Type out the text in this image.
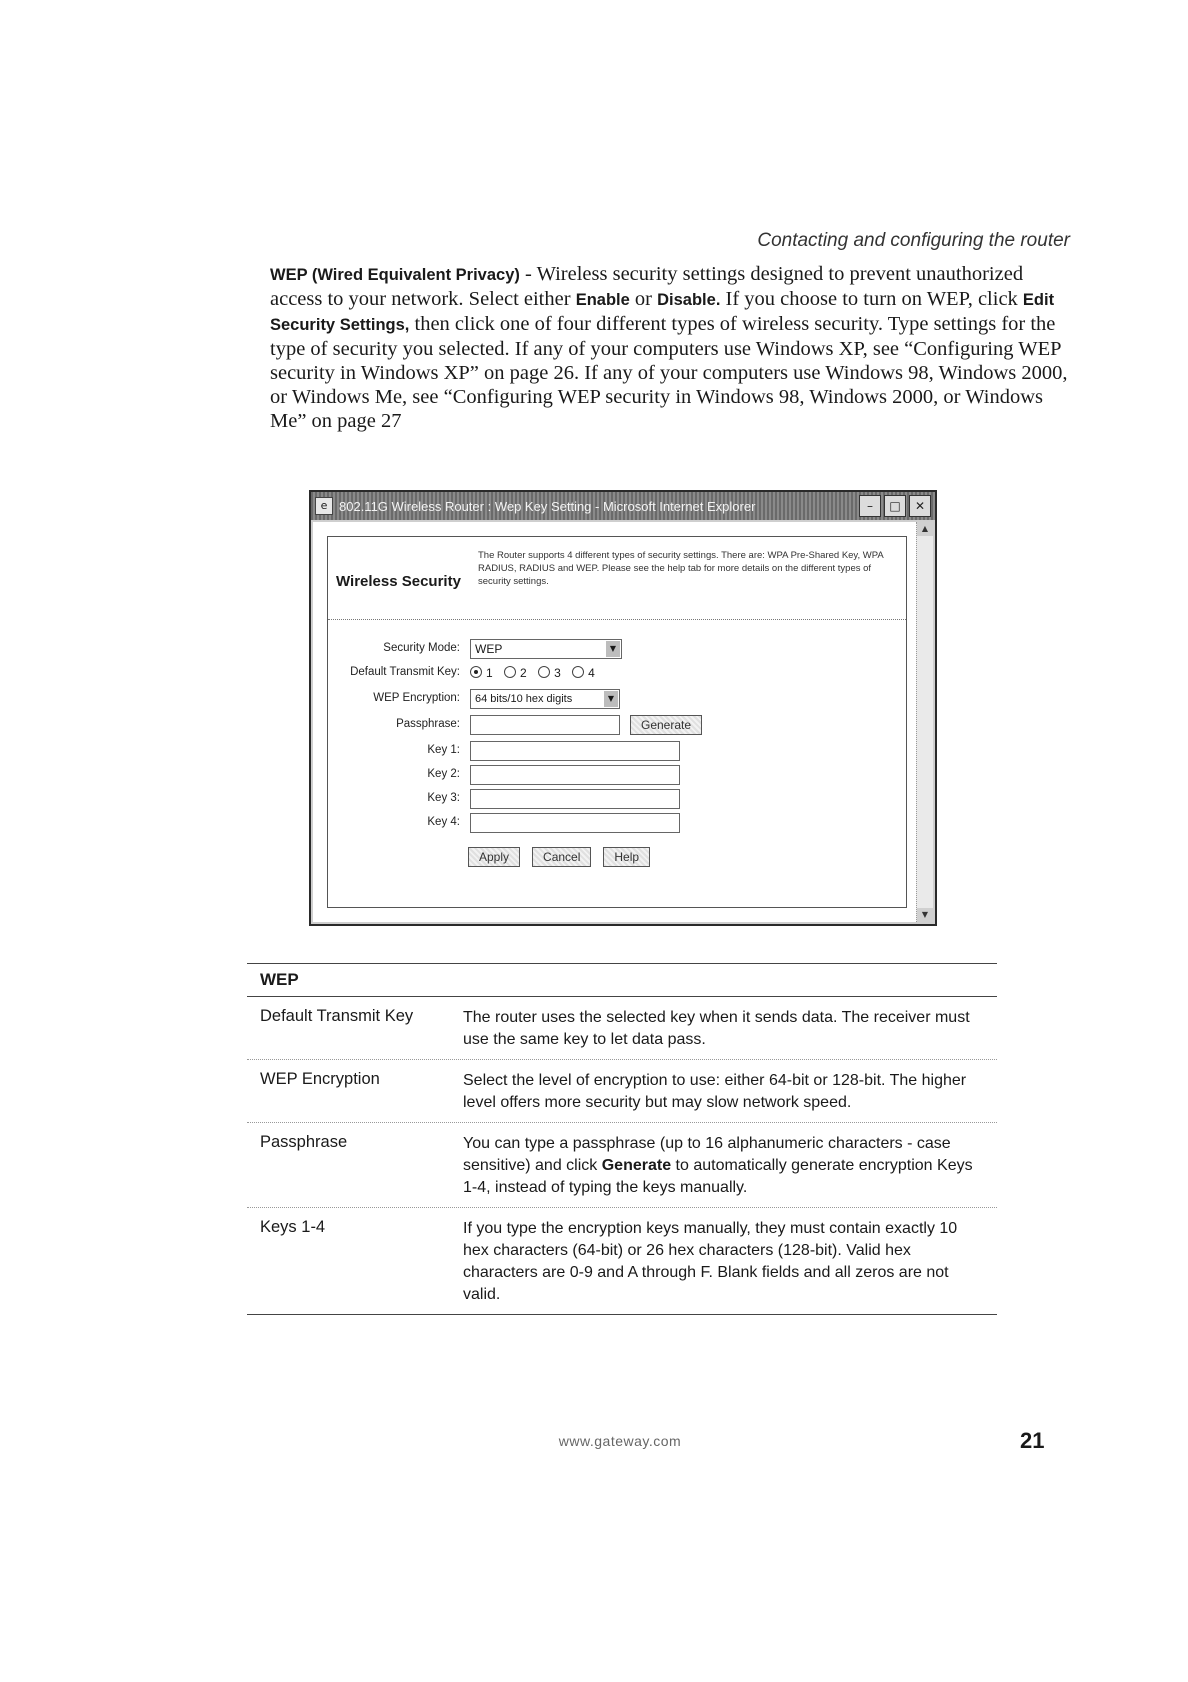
Contacting and configuring the router

WEP (Wired Equivalent Privacy) - Wireless security settings designed to prevent unauthorized access to your network. Select either Enable or Disable. If you choose to turn on WEP, click Edit Security Settings, then click one of four different types of wireless security. Type settings for the type of security you selected. If any of your computers use Windows XP, see “Configuring WEP security in Windows XP” on page 26. If any of your computers use Windows 98, Windows 2000, or Windows Me, see “Configuring WEP security in Windows 98, Windows 2000, or Windows Me” on page 27

e 802.11G Wireless Router : Wep Key Setting - Microsoft Internet Explorer	–	□	✕
▲
▼
Wireless Security
The Router supports 4 different types of security settings. There are: WPA Pre-Shared Key, WPA RADIUS, RADIUS and WEP. Please see the help tab for more details on the different types of security settings.
Security Mode:	WEP	▼
Default Transmit Key:	1 2 3 4
WEP Encryption:	64 bits/10 hex digits	▼
Passphrase:	Generate
Key 1:
Key 2:
Key 3:
Key 4:
Apply	Cancel	Help
WEP
Default Transmit Key	The router uses the selected key when it sends data. The receiver must use the same key to let data pass.
WEP Encryption	Select the level of encryption to use: either 64-bit or 128-bit. The higher level offers more security but may slow network speed.
Passphrase	You can type a passphrase (up to 16 alphanumeric characters - case sensitive) and click Generate to automatically generate encryption Keys 1-4, instead of typing the keys manually.
Keys 1-4	If you type the encryption keys manually, they must contain exactly 10 hex characters (64-bit) or 26 hex characters (128-bit). Valid hex characters are 0-9 and A through F. Blank fields and all zeros are not valid.
www.gateway.com	21
